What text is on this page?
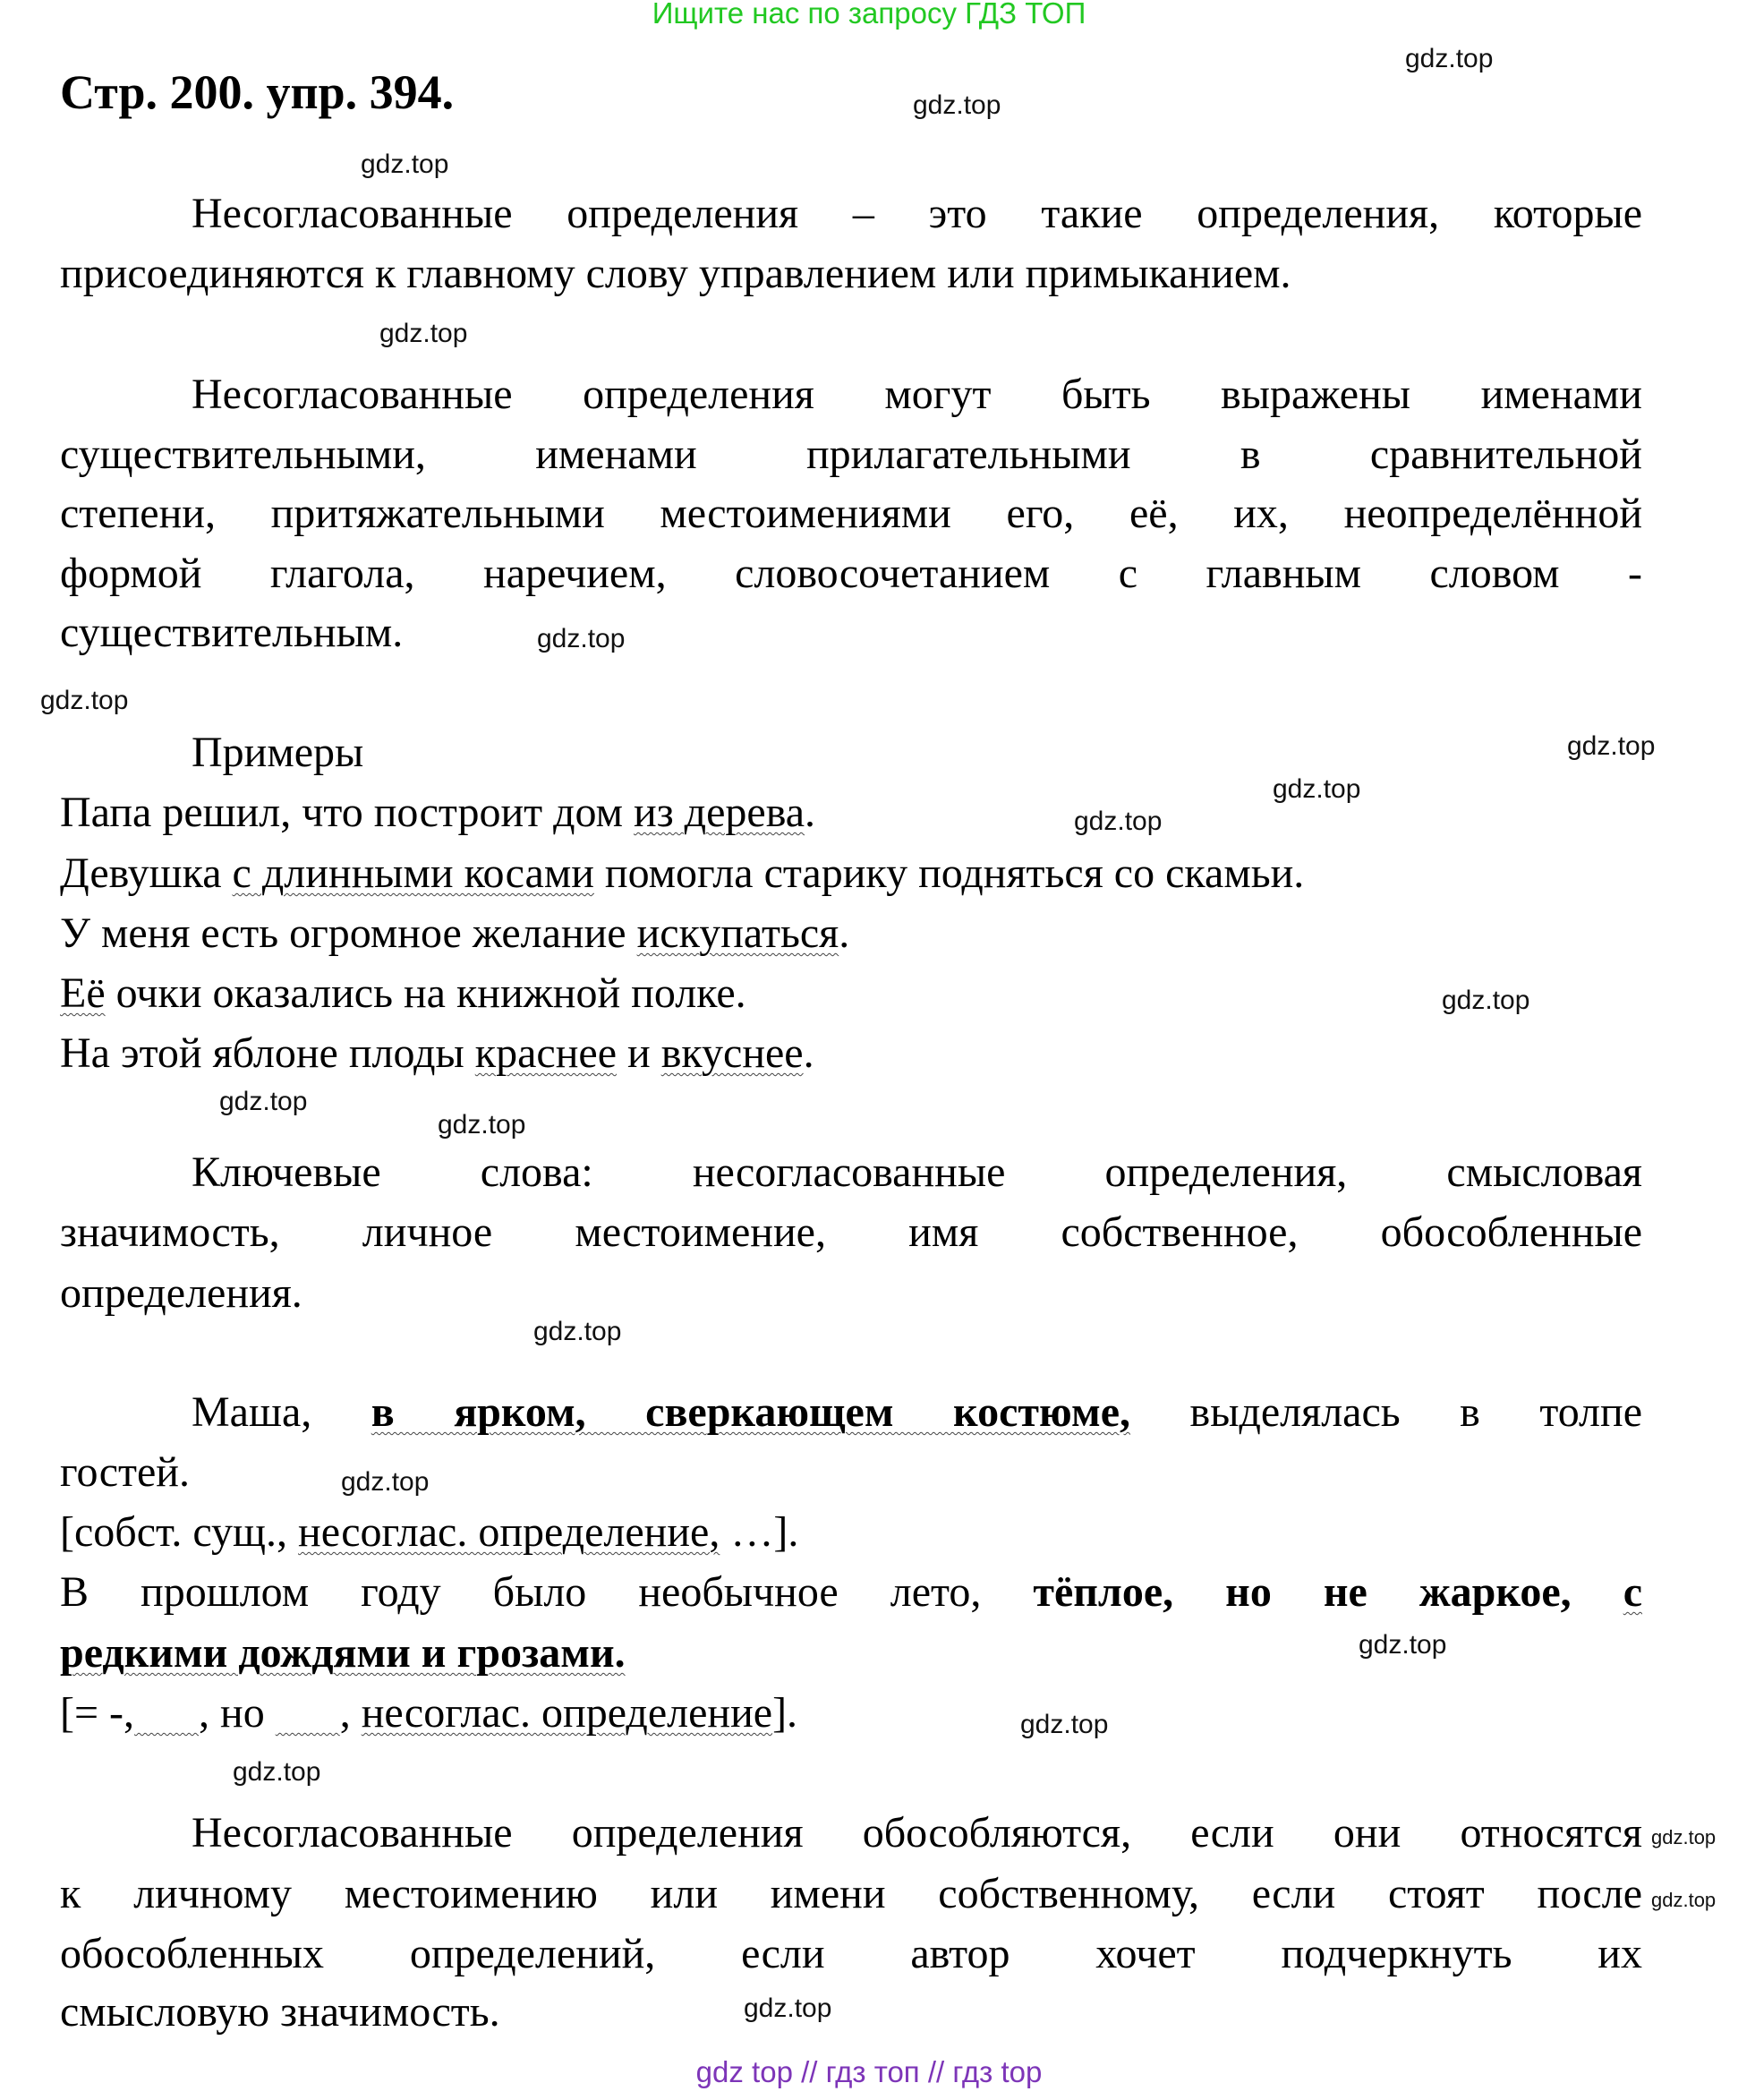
Ищите нас по запросу ГДЗ ТОП
Стр. 200. упр. 394.
Несогласованные определения – это такие определения, которые
присоединяются к главному слову управлением или примыканием.
Несогласованные определения могут быть выражены именами
существительными, именами прилагательными в сравнительной
степени, притяжательными местоимениями его, её, их, неопределённой
формой глагола, наречием, словосочетанием с главным словом -
существительным.
Примеры
Папа решил, что построит дом из дерева.
Девушка с длинными косами помогла старику подняться со скамьи.
У меня есть огромное желание искупаться.
Её очки оказались на книжной полке.
На этой яблоне плоды краснее и вкуснее.
Ключевые слова: несогласованные определения, смысловая
значимость, личное местоимение, имя собственное, обособленные
определения.
Маша, в ярком, сверкающем костюме, выделялась в толпе
гостей.
[собст. сущ., несоглас. определение, …].
В прошлом году было необычное лето, тёплое, но не жаркое, с
редкими дождями и грозами.
[= -, , но       , несоглас. определение].
Несогласованные определения обособляются, если они относятся
к личному местоимению или имени собственному, если стоят после
обособленных определений, если автор хочет подчеркнуть их
смысловую значимость.
gdz.top
gdz.top
gdz.top
gdz.top
gdz.top
gdz.top
gdz.top
gdz.top
gdz.top
gdz.top
gdz.top
gdz.top
gdz.top
gdz.top
gdz.top
gdz.top
gdz.top
gdz.top
gdz.top
gdz.top
gdz top // гдз топ // гдз top
